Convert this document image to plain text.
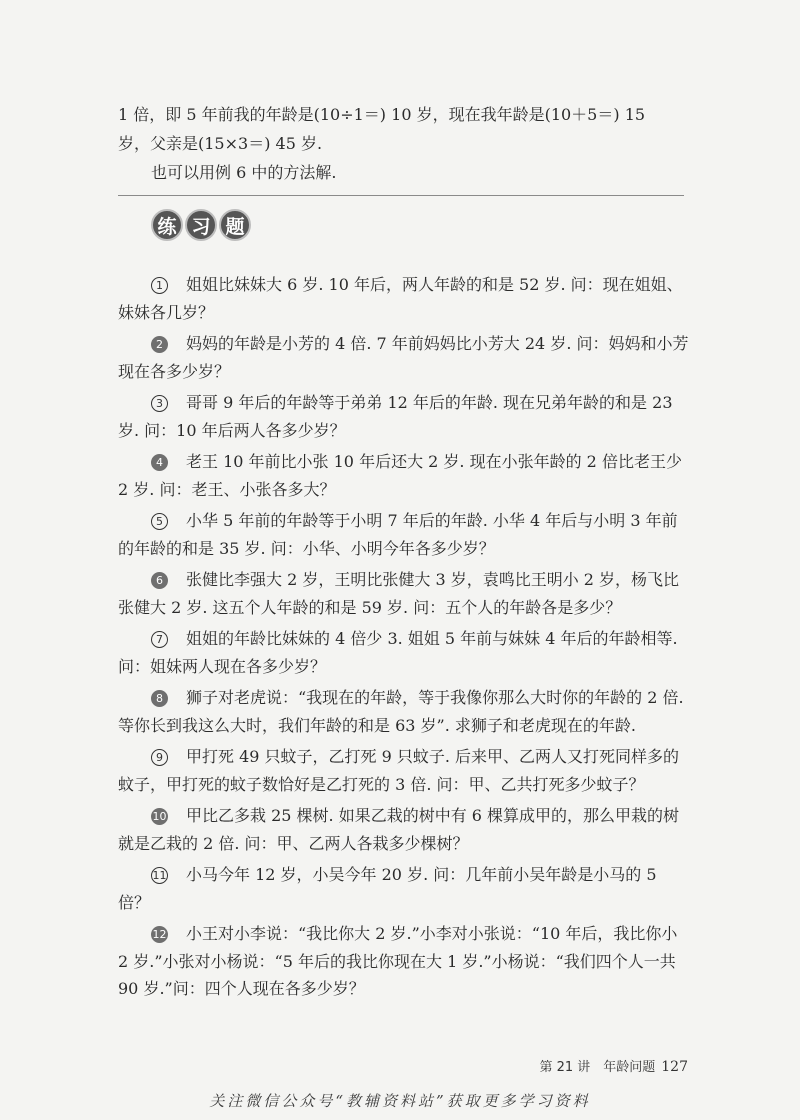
1 倍，即 5 年前我的年龄是(10÷1＝) 10 岁，现在我年龄是(10＋5＝) 15

岁，父亲是(15×3＝) 45 岁.

也可以用例 6 中的方法解.

练 习 题

1 姐姐比妹妹大 6 岁. 10 年后，两人年龄的和是 52 岁. 问：现在姐姐、妹妹各几岁？

2 妈妈的年龄是小芳的 4 倍. 7 年前妈妈比小芳大 24 岁. 问：妈妈和小芳现在各多少岁？

3 哥哥 9 年后的年龄等于弟弟 12 年后的年龄. 现在兄弟年龄的和是 23 岁. 问：10 年后两人各多少岁？

4 老王 10 年前比小张 10 年后还大 2 岁. 现在小张年龄的 2 倍比老王少 2 岁. 问：老王、小张各多大？

5 小华 5 年前的年龄等于小明 7 年后的年龄. 小华 4 年后与小明 3 年前的年龄的和是 35 岁. 问：小华、小明今年各多少岁？

6 张健比李强大 2 岁，王明比张健大 3 岁，袁鸣比王明小 2 岁，杨飞比张健大 2 岁. 这五个人年龄的和是 59 岁. 问：五个人的年龄各是多少？

7 姐姐的年龄比妹妹的 4 倍少 3. 姐姐 5 年前与妹妹 4 年后的年龄相等. 问：姐妹两人现在各多少岁？

8 狮子对老虎说：“我现在的年龄，等于我像你那么大时你的年龄的 2 倍. 等你长到我这么大时，我们年龄的和是 63 岁”. 求狮子和老虎现在的年龄.

9 甲打死 49 只蚊子，乙打死 9 只蚊子. 后来甲、乙两人又打死同样多的蚊子，甲打死的蚊子数恰好是乙打死的 3 倍. 问：甲、乙共打死多少蚊子？

10 甲比乙多栽 25 棵树. 如果乙栽的树中有 6 棵算成甲的，那么甲栽的树就是乙栽的 2 倍. 问：甲、乙两人各栽多少棵树？

11 小马今年 12 岁，小吴今年 20 岁. 问：几年前小吴年龄是小马的 5 倍？

12 小王对小李说：“我比你大 2 岁.”小李对小张说：“10 年后，我比你小 2 岁.”小张对小杨说：“5 年后的我比你现在大 1 岁.”小杨说：“我们四个人一共 90 岁.”问：四个人现在各多少岁？

第 21 讲　年龄问题 127
关注微信公众号“教辅资料站”获取更多学习资料
